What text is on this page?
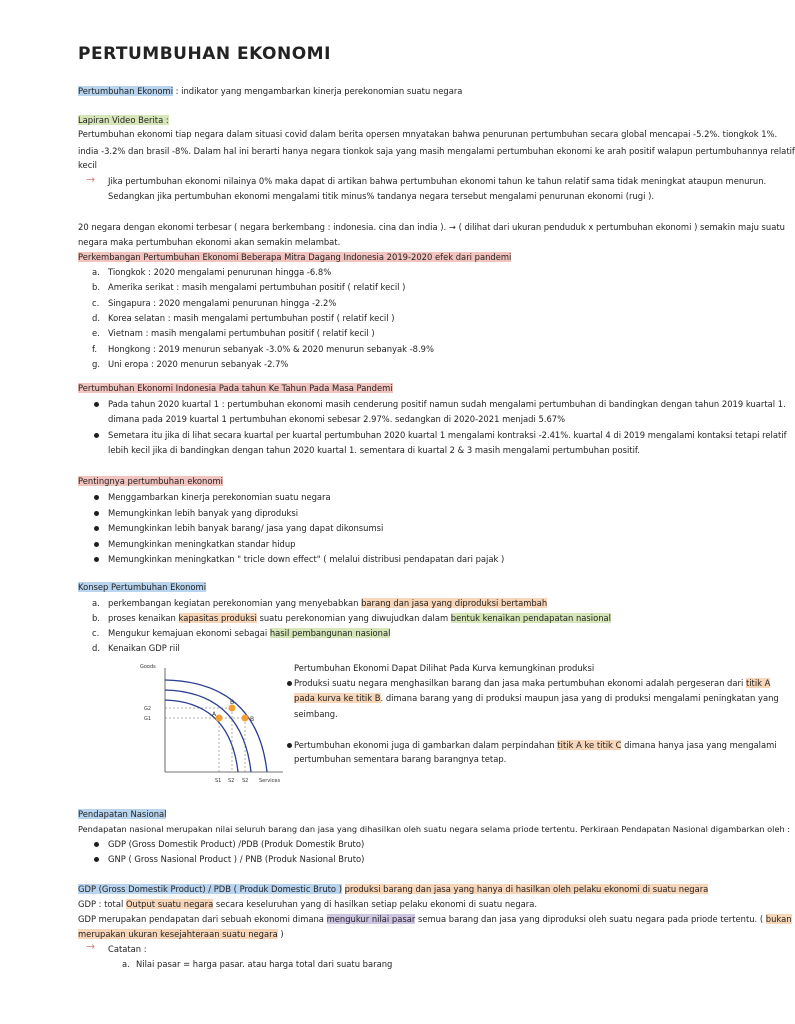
PERTUMBUHAN EKONOMI
Pertumbuhan Ekonomi : indikator yang mengambarkan kinerja perekonomian suatu negara
Lapiran Video Berita :
Pertumbuhan ekonomi tiap negara dalam situasi covid dalam berita opersen mnyatakan bahwa penurunan pertumbuhan secara global mencapai -5.2%. tiongkok 1%.
india -3.2% dan brasil -8%. Dalam hal ini berarti hanya negara tionkok saja yang masih mengalami pertumbuhan ekonomi ke arah positif walapun pertumbuhannya relatif
kecil
→ Jika pertumbuhan ekonomi nilainya 0% maka dapat di artikan bahwa pertumbuhan ekonomi tahun ke tahun relatif sama tidak meningkat ataupun menurun.
Sedangkan jika pertumbuhan ekonomi mengalami titik minus% tandanya negara tersebut mengalami penurunan ekonomi (rugi ).
20 negara dengan ekonomi terbesar ( negara berkembang : indonesia. cina dan india ). → ( dilihat dari ukuran penduduk x pertumbuhan ekonomi ) semakin maju suatu
negara maka pertumbuhan ekonomi akan semakin melambat.
Perkembangan Pertumbuhan Ekonomi Beberapa Mitra Dagang Indonesia 2019-2020 efek dari pandemi
a. Tiongkok : 2020 mengalami penurunan hingga -6.8%
b. Amerika serikat : masih mengalami pertumbuhan positif ( relatif kecil )
c. Singapura : 2020 mengalami penurunan hingga -2.2%
d. Korea selatan : masih mengalami pertumbuhan postif ( relatif kecil )
e. Vietnam : masih mengalami pertumbuhan positif ( relatif kecil )
f. Hongkong : 2019 menurun sebanyak -3.0% & 2020 menurun sebanyak -8.9%
g. Uni eropa : 2020 menurun sebanyak -2.7%
Pertumbuhan Ekonomi Indonesia Pada tahun Ke Tahun Pada Masa Pandemi
Pada tahun 2020 kuartal 1 : pertumbuhan ekonomi masih cenderung positif namun sudah mengalami pertumbuhan di bandingkan dengan tahun 2019 kuartal 1.
dimana pada 2019 kuartal 1 pertumbuhan ekonomi sebesar 2.97%. sedangkan di 2020-2021 menjadi 5.67%
Semetara itu jika di lihat secara kuartal per kuartal pertumbuhan 2020 kuartal 1 mengalami kontraksi -2.41%. kuartal 4 di 2019 mengalami kontaksi tetapi relatif
lebih kecil jika di bandingkan dengan tahun 2020 kuartal 1. sementara di kuartal 2 & 3 masih mengalami pertumbuhan positif.
Pentingnya pertumbuhan ekonomi
Menggambarkan kinerja perekonomian suatu negara
Memungkinkan lebih banyak yang diproduksi
Memungkinkan lebih banyak barang/ jasa yang dapat dikonsumsi
Memungkinkan meningkatkan standar hidup
Memungkinkan meningkatkan " tricle down effect" ( melalui distribusi pendapatan dari pajak )
Konsep Pertumbuhan Ekonomi
a. perkembangan kegiatan perekonomian yang menyebabkan barang dan jasa yang diproduksi bertambah
b. proses kenaikan kapasitas produksi suatu perekonomian yang diwujudkan dalam bentuk kenaikan pendapatan nasional
c. Mengukur kemajuan ekonomi sebagai hasil pembangunan nasional
d. Kenaikan GDP riil
Goods
Services
G2
G1
S1 S2 S2
A
B
B
Pertumbuhan Ekonomi Dapat Dilihat Pada Kurva kemungkinan produksi
Produksi suatu negara menghasilkan barang dan jasa maka pertumbuhan ekonomi adalah pergeseran dari titik A
pada kurva ke titik B. dimana barang yang di produksi maupun jasa yang di produksi mengalami peningkatan yang
seimbang.
Pertumbuhan ekonomi juga di gambarkan dalam perpindahan titik A ke titik C dimana hanya jasa yang mengalami
pertumbuhan sementara barang barangnya tetap.
Pendapatan Nasional
Pendapatan nasional merupakan nilai seluruh barang dan jasa yang dihasilkan oleh suatu negara selama priode tertentu. Perkiraan Pendapatan Nasional digambarkan oleh :
GDP (Gross Domestik Product) /PDB (Produk Domestik Bruto)
GNP ( Gross Nasional Product ) / PNB (Produk Nasional Bruto)
GDP (Gross Domestik Product) / PDB ( Produk Domestic Bruto ) produksi barang dan jasa yang hanya di hasilkan oleh pelaku ekonomi di suatu negara
GDP : total Output suatu negara secara keseluruhan yang di hasilkan setiap pelaku ekonomi di suatu negara.
GDP merupakan pendapatan dari sebuah ekonomi dimana mengukur nilai pasar semua barang dan jasa yang diproduksi oleh suatu negara pada priode tertentu. ( bukan
merupakan ukuran kesejahteraan suatu negara )
→ Catatan :
a. Nilai pasar = harga pasar. atau harga total dari suatu barang
